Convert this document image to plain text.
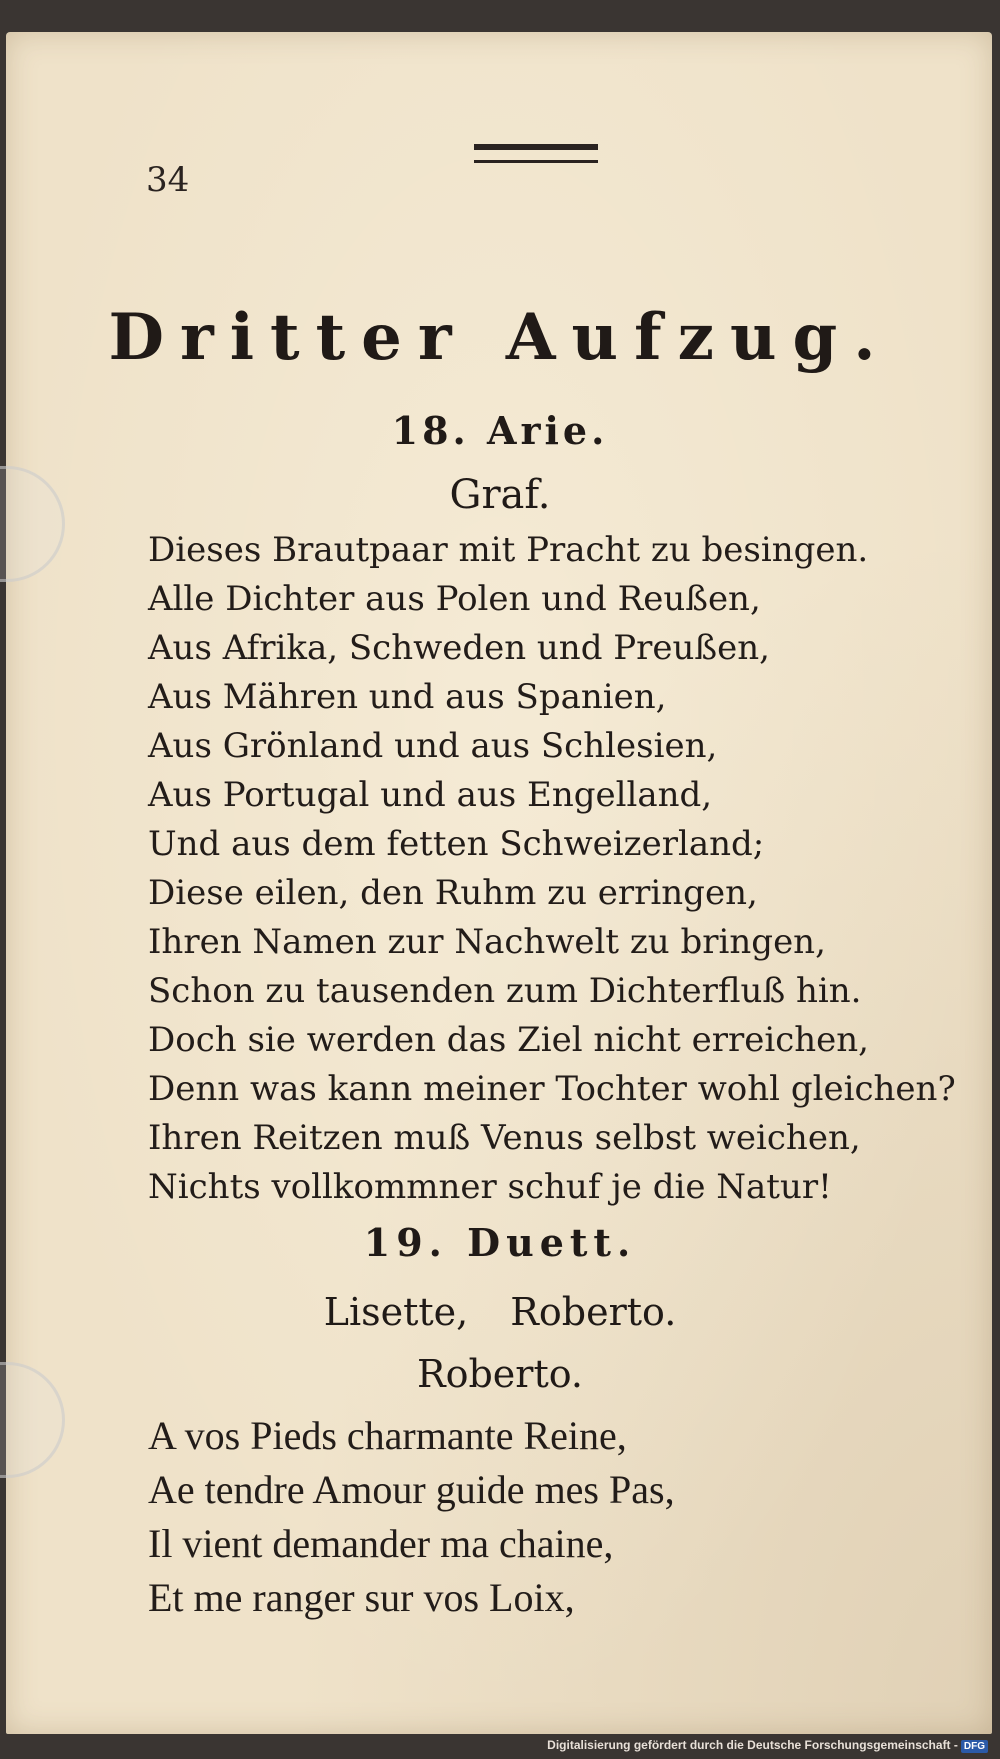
34
Dritter Aufzug.
18. Arie.
Graf.
Dieses Brautpaar mit Pracht zu besingen.
Alle Dichter aus Polen und Reußen,
Aus Afrika, Schweden und Preußen,
Aus Mähren und aus Spanien,
Aus Grönland und aus Schlesien,
Aus Portugal und aus Engelland,
Und aus dem fetten Schweizerland;
Diese eilen, den Ruhm zu erringen,
Ihren Namen zur Nachwelt zu bringen,
Schon zu tausenden zum Dichterfluß hin.
Doch sie werden das Ziel nicht erreichen,
Denn was kann meiner Tochter wohl gleichen?
Ihren Reitzen muß Venus selbst weichen,
Nichts vollkommner schuf je die Natur!
19. Duett.
Lisette, Roberto.
Roberto.
A vos Pieds charmante Reine,
Ae tendre Amour guide mes Pas,
Il vient demander ma chaine,
Et me ranger sur vos Loix,
Digitalisierung gefördert durch die Deutsche Forschungsgemeinschaft - DFG
